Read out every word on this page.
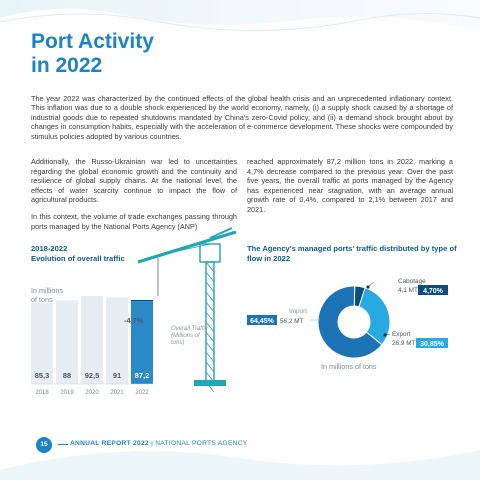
Port Activity
in 2022
The year 2022 was characterized by the continued effects of the global health crisis and an unprecedented inflationary context. This inflation was due to a double shock experienced by the world economy, namely, (i) a supply shock caused by a shortage of industrial goods due to repeated shutdowns mandated by China's zero-Covid policy, and (ii) a demand shock brought about by changes in consumption habits, especially with the acceleration of e-commerce development. These shocks were compounded by stimulus policies adopted by various countries.

Additionally, the Russo-Ukrainian war led to uncertainties regarding the global economic growth and the continuity and resilience of global supply chains. At the national level, the effects of water scarcity continue to impact the flow of agricultural products.

In this context, the volume of trade exchanges passing through ports managed by the National Ports Agency (ANP)

reached approximately 87,2 million tons in 2022, marking a 4,7% decrease compared to the previous year. Over the past five years, the overall traffic at ports managed by the Agency has experienced near stagnation, with an average annual growth rate of 0,4%, compared to 2,1% between 2017 and 2021.

2018-2022
Evolution of overall traffic
The Agency's managed ports' traffic distributed by type of flow in 2022
85,3
2018
88
2019
92,5
2020
91
2021
87,2
2022
Cabotage
4,1 MT 4,70%
Import
64,45% 56,2 MT
Export
26,9 MT 30,85%
In millions
of tons
-4,7%
Overall Traffic (Millions of tons)
In millions of tons
15	ANNUAL REPORT 2022 | NATIONAL PORTS AGENCY
